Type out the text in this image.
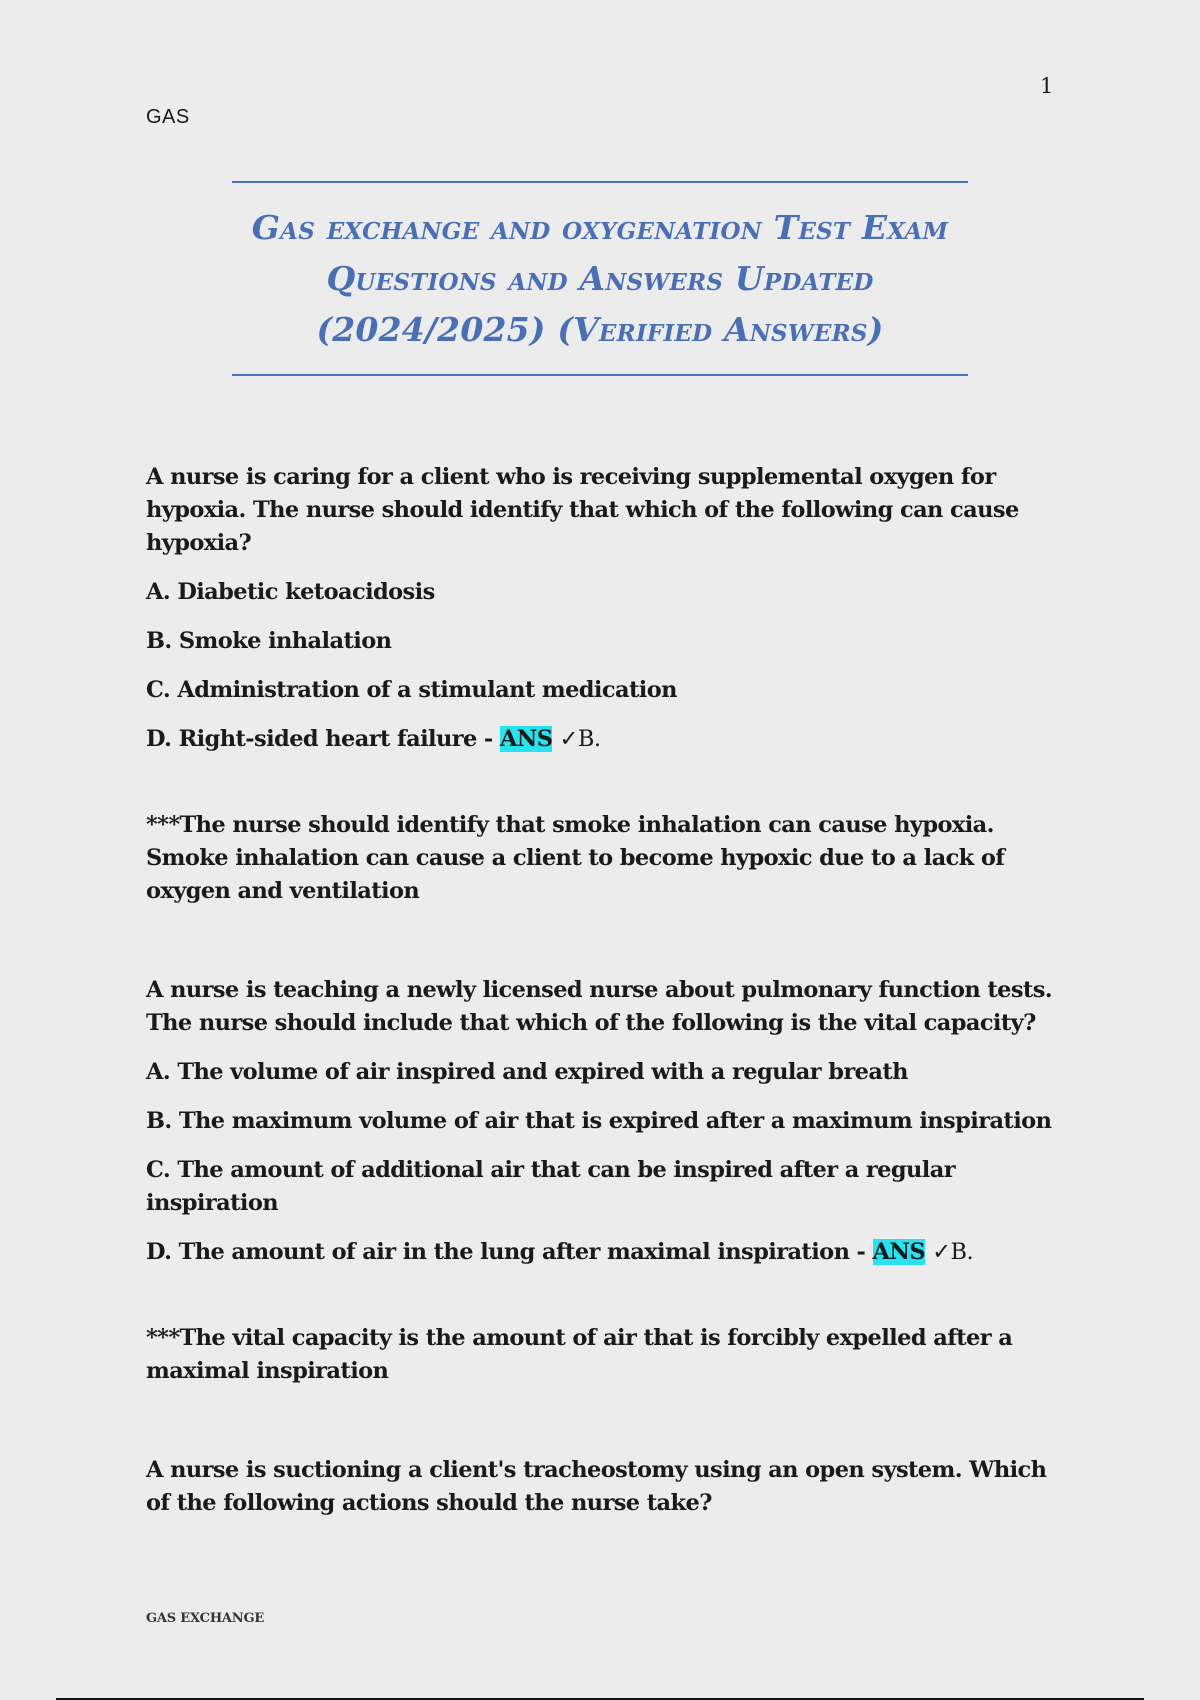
1
GAS
Gas exchange and oxygenation Test Exam
Questions and Answers Updated
(2024/2025) (Verified Answers)

A nurse is caring for a client who is receiving supplemental oxygen for hypoxia. The nurse should identify that which of the following can cause hypoxia?

A. Diabetic ketoacidosis

B. Smoke inhalation

C. Administration of a stimulant medication

D. Right-sided heart failure - ANS ✓B.

***The nurse should identify that smoke inhalation can cause hypoxia. Smoke inhalation can cause a client to become hypoxic due to a lack of oxygen and ventilation

A nurse is teaching a newly licensed nurse about pulmonary function tests. The nurse should include that which of the following is the vital capacity?

A. The volume of air inspired and expired with a regular breath

B. The maximum volume of air that is expired after a maximum inspiration

C. The amount of additional air that can be inspired after a regular inspiration

D. The amount of air in the lung after maximal inspiration - ANS ✓B.

***The vital capacity is the amount of air that is forcibly expelled after a maximal inspiration

A nurse is suctioning a client's tracheostomy using an open system. Which of the following actions should the nurse take?

GAS EXCHANGE
